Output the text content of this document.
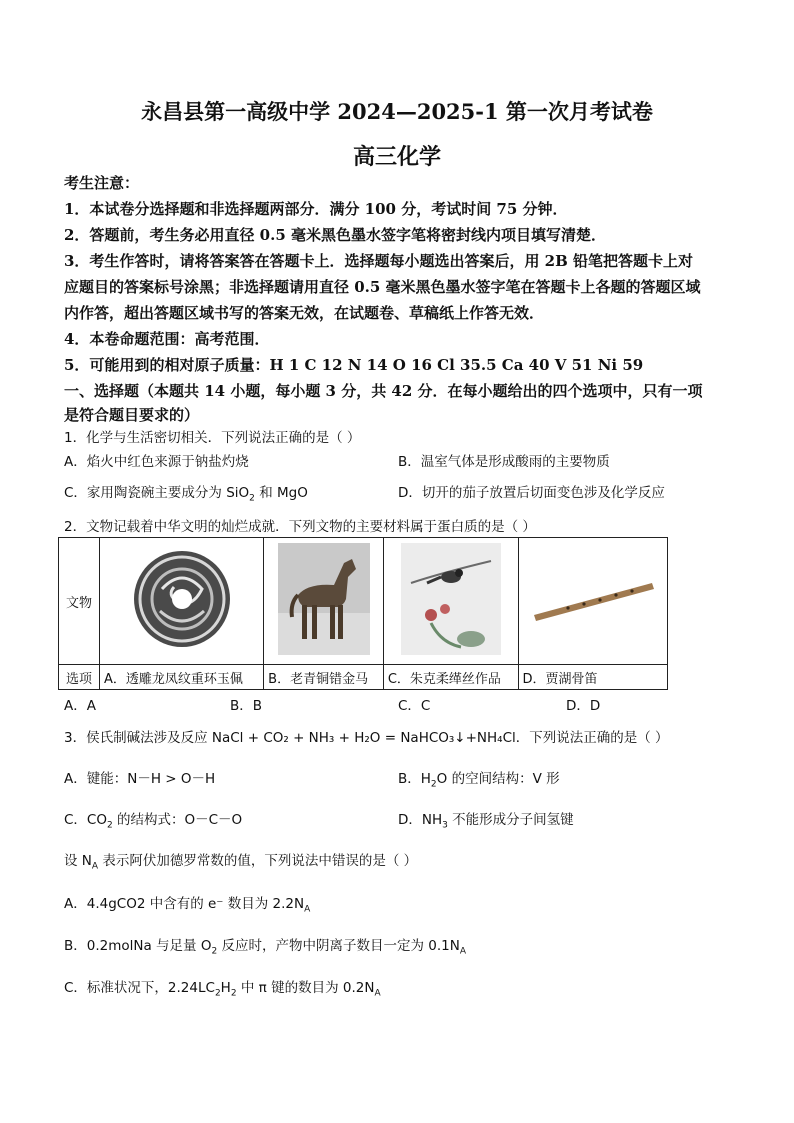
永昌县第一高级中学 2024—2025-1 第一次月考试卷
高三化学
考生注意：
1．本试卷分选择题和非选择题两部分．满分 100 分，考试时间 75 分钟．
2．答题前，考生务必用直径 0.5 毫米黑色墨水签字笔将密封线内项目填写清楚．
3．考生作答时，请将答案答在答题卡上．选择题每小题选出答案后，用 2B 铅笔把答题卡上对
应题目的答案标号涂黑；非选择题请用直径 0.5 毫米黑色墨水签字笔在答题卡上各题的答题区域
内作答，超出答题区域书写的答案无效，在试题卷、草稿纸上作答无效．
4．本卷命题范围：高考范围．
5．可能用到的相对原子质量：H 1 C 12 N 14 O 16 Cl 35.5 Ca 40 V 51 Ni 59
一、选择题（本题共 14 小题，每小题 3 分，共 42 分．在每小题给出的四个选项中，只有一项
是符合题目要求的）
1．化学与生活密切相关．下列说法正确的是（ ）
A．焰火中红色来源于钠盐灼烧	B．温室气体是形成酸雨的主要物质
C．家用陶瓷碗主要成分为 SiO$_2$ 和 MgO	D．切开的茄子放置后切面变色涉及化学反应
2．文物记载着中华文明的灿烂成就．下列文物的主要材料属于蛋白质的是（ ）
文物				
选项	A．透雕龙凤纹重环玉佩	B．老青铜错金马	C．朱克柔缂丝作品	D．贾湖骨笛
A．A	B．B	C．C	D．D
3．侯氏制碱法涉及反应 NaCl + CO₂ + NH₃ + H₂O = NaHCO₃↓+NH₄Cl．下列说法正确的是（ ）
A．键能：N－H > O－H	B．$H_2O$ 的空间结构：V 形
C．$CO_2$ 的结构式：O－C－O	D．$NH_3$ 不能形成分子间氢键
设 $N_A$ 表示阿伏加德罗常数的值，下列说法中错误的是（ ）
A．4.4gCO2 中含有的 e⁻ 数目为 $2.2N_A$
B．0.2molNa 与足量 $O_2$ 反应时，产物中阴离子数目一定为 $0.1N_A$
C．标准状况下，$2.24LC_2H_2$ 中 π 键的数目为 $0.2N_A$
